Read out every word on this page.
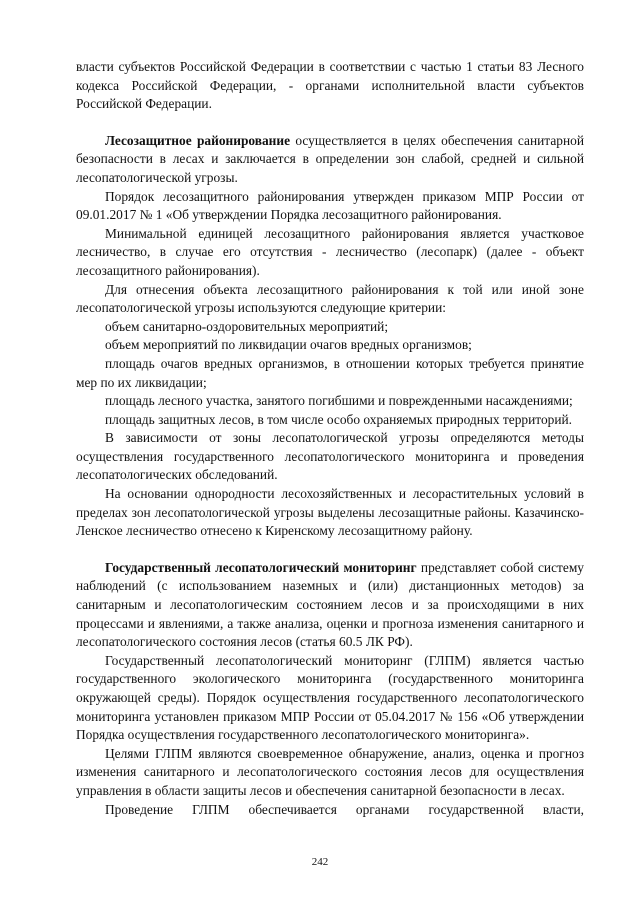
власти субъектов Российской Федерации в соответствии с частью 1 статьи 83 Лесного кодекса Российской Федерации, - органами исполнительной власти субъектов Российской Федерации.

Лесозащитное районирование осуществляется в целях обеспечения санитарной безопасности в лесах и заключается в определении зон слабой, средней и сильной лесопатологической угрозы.

Порядок лесозащитного районирования утвержден приказом МПР России от 09.01.2017 № 1 «Об утверждении Порядка лесозащитного районирования.

Минимальной единицей лесозащитного районирования является участковое лесничество, в случае его отсутствия - лесничество (лесопарк) (далее - объект лесозащитного районирования).

Для отнесения объекта лесозащитного районирования к той или иной зоне лесопатологической угрозы используются следующие критерии:

объем санитарно-оздоровительных мероприятий;

объем мероприятий по ликвидации очагов вредных организмов;

площадь очагов вредных организмов, в отношении которых требуется принятие мер по их ликвидации;

площадь лесного участка, занятого погибшими и поврежденными насаждениями;

площадь защитных лесов, в том числе особо охраняемых природных территорий.

В зависимости от зоны лесопатологической угрозы определяются методы осуществления государственного лесопатологического мониторинга и проведения лесопатологических обследований.

На основании однородности лесохозяйственных и лесорастительных условий в пределах зон лесопатологической угрозы выделены лесозащитные районы. Казачинско-Ленское лесничество отнесено к Киренскому лесозащитному району.

Государственный лесопатологический мониторинг представляет собой систему наблюдений (с использованием наземных и (или) дистанционных методов) за санитарным и лесопатологическим состоянием лесов и за происходящими в них процессами и явлениями, а также анализа, оценки и прогноза изменения санитарного и лесопатологического состояния лесов (статья 60.5 ЛК РФ).

Государственный лесопатологический мониторинг (ГЛПМ) является частью государственного экологического мониторинга (государственного мониторинга окружающей среды). Порядок осуществления государственного лесопатологического мониторинга установлен приказом МПР России от 05.04.2017 № 156 «Об утверждении Порядка осуществления государственного лесопатологического мониторинга».

Целями ГЛПМ являются своевременное обнаружение, анализ, оценка и прогноз изменения санитарного и лесопатологического состояния лесов для осуществления управления в области защиты лесов и обеспечения санитарной безопасности в лесах.

Проведение ГЛПМ обеспечивается органами государственной власти,

242
